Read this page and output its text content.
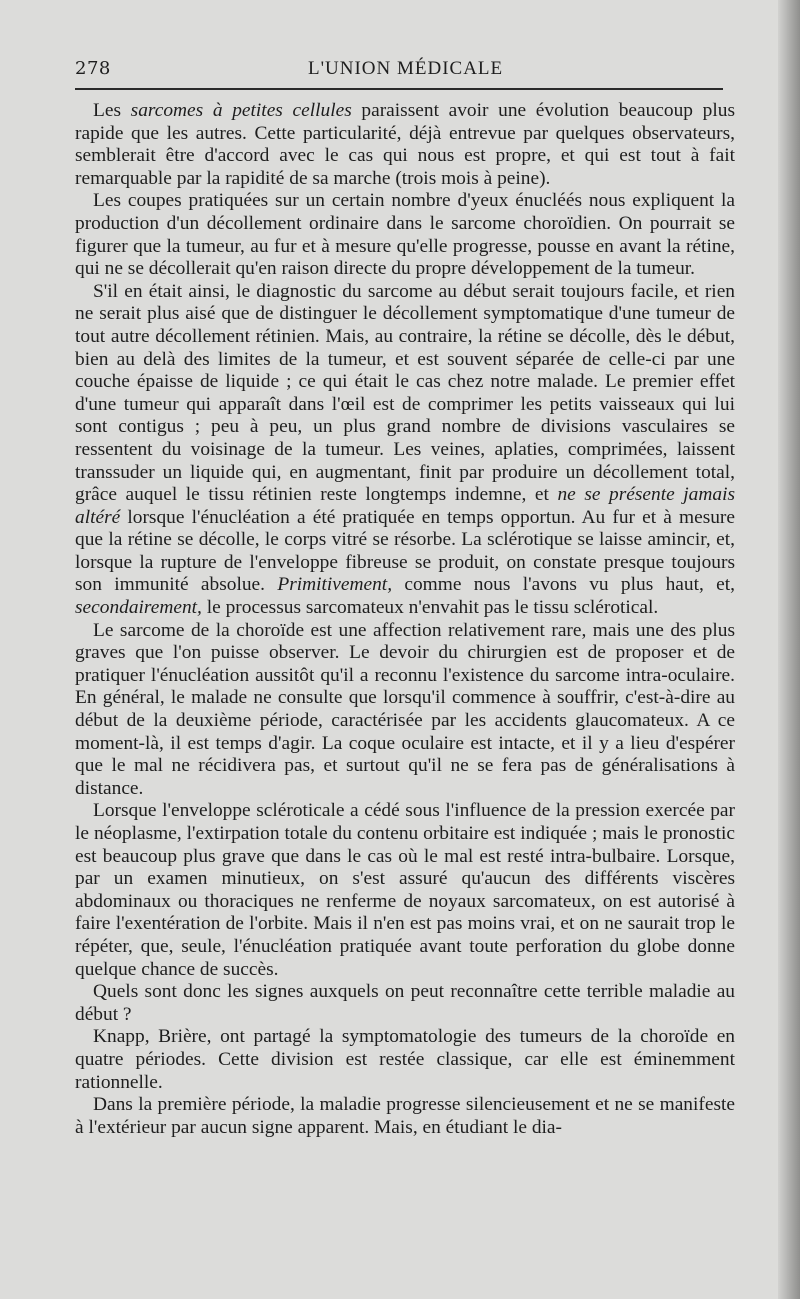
278	L'UNION MÉDICALE

Les sarcomes à petites cellules paraissent avoir une évolution beaucoup plus rapide que les autres. Cette particularité, déjà entrevue par quelques observateurs, semblerait être d'accord avec le cas qui nous est propre, et qui est tout à fait remarquable par la rapidité de sa marche (trois mois à peine).

Les coupes pratiquées sur un certain nombre d'yeux énucléés nous expliquent la production d'un décollement ordinaire dans le sarcome choroïdien. On pourrait se figurer que la tumeur, au fur et à mesure qu'elle progresse, pousse en avant la rétine, qui ne se décollerait qu'en raison directe du propre développement de la tumeur.

S'il en était ainsi, le diagnostic du sarcome au début serait toujours facile, et rien ne serait plus aisé que de distinguer le décollement symptomatique d'une tumeur de tout autre décollement rétinien. Mais, au contraire, la rétine se décolle, dès le début, bien au delà des limites de la tumeur, et est souvent séparée de celle-ci par une couche épaisse de liquide ; ce qui était le cas chez notre malade. Le premier effet d'une tumeur qui apparaît dans l'œil est de comprimer les petits vaisseaux qui lui sont contigus ; peu à peu, un plus grand nombre de divisions vasculaires se ressentent du voisinage de la tumeur. Les veines, aplaties, comprimées, laissent transsuder un liquide qui, en augmentant, finit par produire un décollement total, grâce auquel le tissu rétinien reste longtemps indemne, et ne se présente jamais altéré lorsque l'énucléation a été pratiquée en temps opportun. Au fur et à mesure que la rétine se décolle, le corps vitré se résorbe. La sclérotique se laisse amincir, et, lorsque la rupture de l'enveloppe fibreuse se produit, on constate presque toujours son immunité absolue. Primitivement, comme nous l'avons vu plus haut, et, secondairement, le processus sarcomateux n'envahit pas le tissu sclérotical.

Le sarcome de la choroïde est une affection relativement rare, mais une des plus graves que l'on puisse observer. Le devoir du chirurgien est de proposer et de pratiquer l'énucléation aussitôt qu'il a reconnu l'existence du sarcome intra-oculaire. En général, le malade ne consulte que lorsqu'il commence à souffrir, c'est-à-dire au début de la deuxième période, caractérisée par les accidents glaucomateux. A ce moment-là, il est temps d'agir. La coque oculaire est intacte, et il y a lieu d'espérer que le mal ne récidivera pas, et surtout qu'il ne se fera pas de généralisations à distance.

Lorsque l'enveloppe scléroticale a cédé sous l'influence de la pression exercée par le néoplasme, l'extirpation totale du contenu orbitaire est indiquée ; mais le pronostic est beaucoup plus grave que dans le cas où le mal est resté intra-bulbaire. Lorsque, par un examen minutieux, on s'est assuré qu'aucun des différents viscères abdominaux ou thoraciques ne renferme de noyaux sarcomateux, on est autorisé à faire l'exentération de l'orbite. Mais il n'en est pas moins vrai, et on ne saurait trop le répéter, que, seule, l'énucléation pratiquée avant toute perforation du globe donne quelque chance de succès.

Quels sont donc les signes auxquels on peut reconnaître cette terrible maladie au début ?

Knapp, Brière, ont partagé la symptomatologie des tumeurs de la choroïde en quatre périodes. Cette division est restée classique, car elle est éminemment rationnelle.

Dans la première période, la maladie progresse silencieusement et ne se manifeste à l'extérieur par aucun signe apparent. Mais, en étudiant le dia-
